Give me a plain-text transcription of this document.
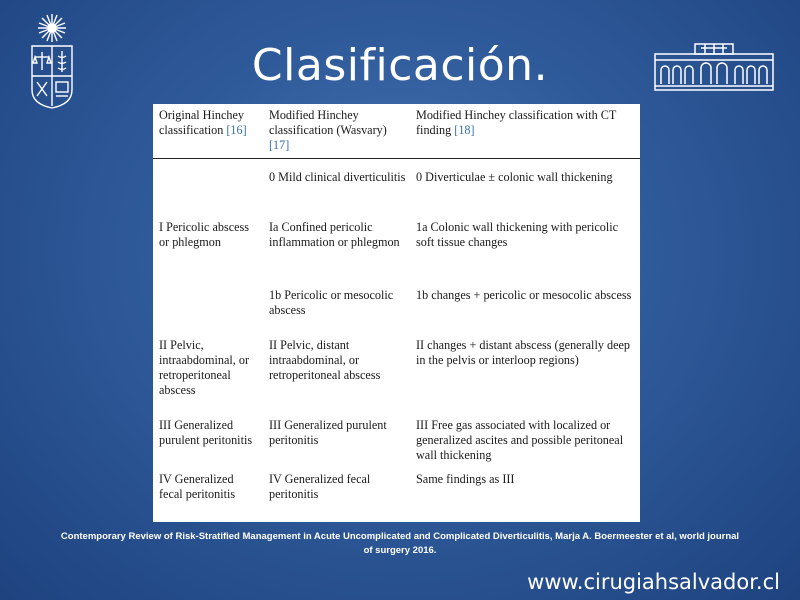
Clasificación.
Original Hinchey classification [16]	Modified Hinchey classification (Wasvary) [17]	Modified Hinchey classification with CT finding [18]

	0 Mild clinical diverticulitis	0 Diverticulae ± colonic wall thickening
I Pericolic abscess or phlegmon	Ia Confined pericolic inflammation or phlegmon	1a Colonic wall thickening with pericolic soft tissue changes
	1b Pericolic or mesocolic abscess	1b changes + pericolic or mesocolic abscess
II Pelvic, intraabdominal, or retroperitoneal abscess	II Pelvic, distant intraabdominal, or retroperitoneal abscess	II changes + distant abscess (generally deep in the pelvis or interloop regions)
III Generalized purulent peritonitis	III Generalized purulent peritonitis	III Free gas associated with localized or generalized ascites and possible peritoneal wall thickening
IV Generalized fecal peritonitis	IV Generalized fecal peritonitis	Same findings as III
Contemporary Review of Risk-Stratified Management in Acute Uncomplicated and Complicated Diverticulitis, Marja A. Boermeester et al, world journal of surgery 2016.
www.cirugiahsalvador.cl
